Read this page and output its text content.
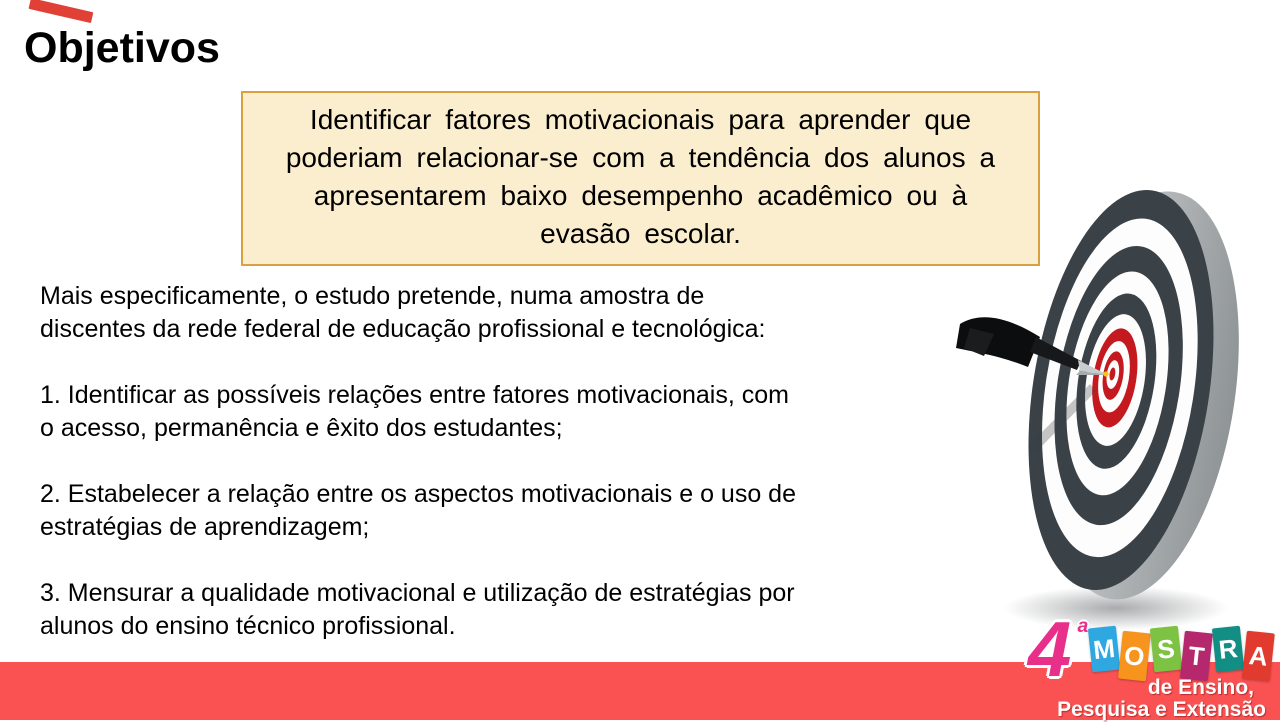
Objetivos
Identificar fatores motivacionais para aprender que
poderiam relacionar-se com a tendência dos alunos a
apresentarem baixo desempenho acadêmico ou à
evasão escolar.
Mais especificamente, o estudo pretende, numa amostra de
discentes da rede federal de educação profissional e tecnológica:
1. Identificar as possíveis relações entre fatores motivacionais, com
o acesso, permanência e êxito dos estudantes;
2. Estabelecer a relação entre os aspectos motivacionais e o uso de
estratégias de aprendizagem;
3. Mensurar a qualidade motivacional e utilização de estratégias por
alunos do ensino técnico profissional.	4 ª M O S T R A
de Ensino,
Pesquisa e Extensão
